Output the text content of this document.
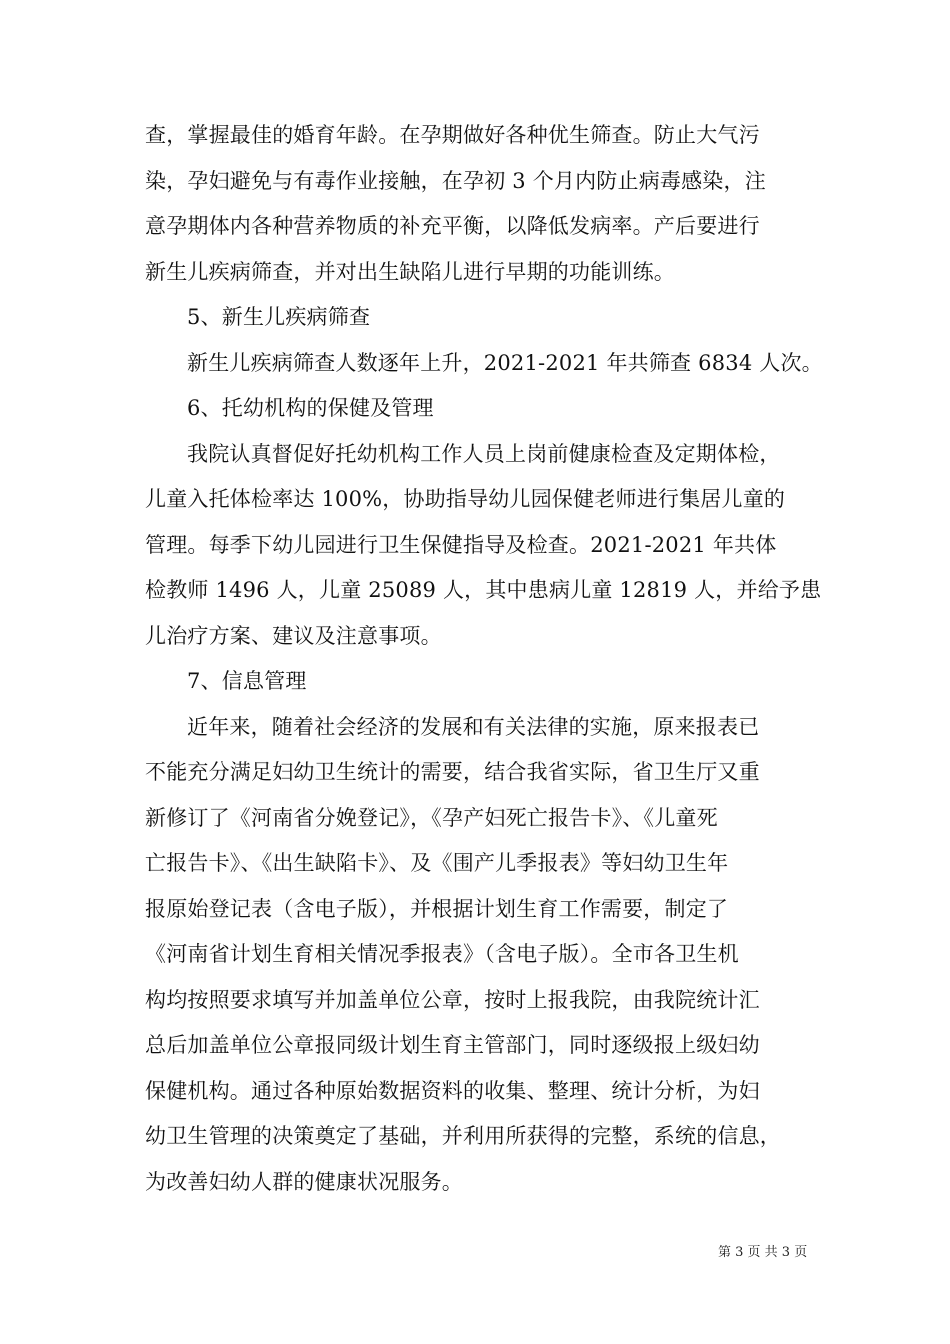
查，掌握最佳的婚育年龄。在孕期做好各种优生筛查。防止大气污
染，孕妇避免与有毒作业接触，在孕初 3 个月内防止病毒感染，注
意孕期体内各种营养物质的补充平衡，以降低发病率。产后要进行
新生儿疾病筛查，并对出生缺陷儿进行早期的功能训练。
5、新生儿疾病筛查
新生儿疾病筛查人数逐年上升，2021-2021 年共筛查 6834 人次。
6、托幼机构的保健及管理
我院认真督促好托幼机构工作人员上岗前健康检查及定期体检，
儿童入托体检率达 100%，协助指导幼儿园保健老师进行集居儿童的
管理。每季下幼儿园进行卫生保健指导及检查。2021-2021 年共体
检教师 1496 人，儿童 25089 人，其中患病儿童 12819 人，并给予患
儿治疗方案、建议及注意事项。
7、信息管理
近年来，随着社会经济的发展和有关法律的实施，原来报表已
不能充分满足妇幼卫生统计的需要，结合我省实际，省卫生厅又重
新修订了《河南省分娩登记》，《孕产妇死亡报告卡》、《儿童死
亡报告卡》、《出生缺陷卡》、及《围产儿季报表》等妇幼卫生年
报原始登记表（含电子版），并根据计划生育工作需要，制定了
《河南省计划生育相关情况季报表》（含电子版）。全市各卫生机
构均按照要求填写并加盖单位公章，按时上报我院，由我院统计汇
总后加盖单位公章报同级计划生育主管部门，同时逐级报上级妇幼
保健机构。通过各种原始数据资料的收集、整理、统计分析，为妇
幼卫生管理的决策奠定了基础，并利用所获得的完整，系统的信息，
为改善妇幼人群的健康状况服务。
第 3 页 共 3 页
